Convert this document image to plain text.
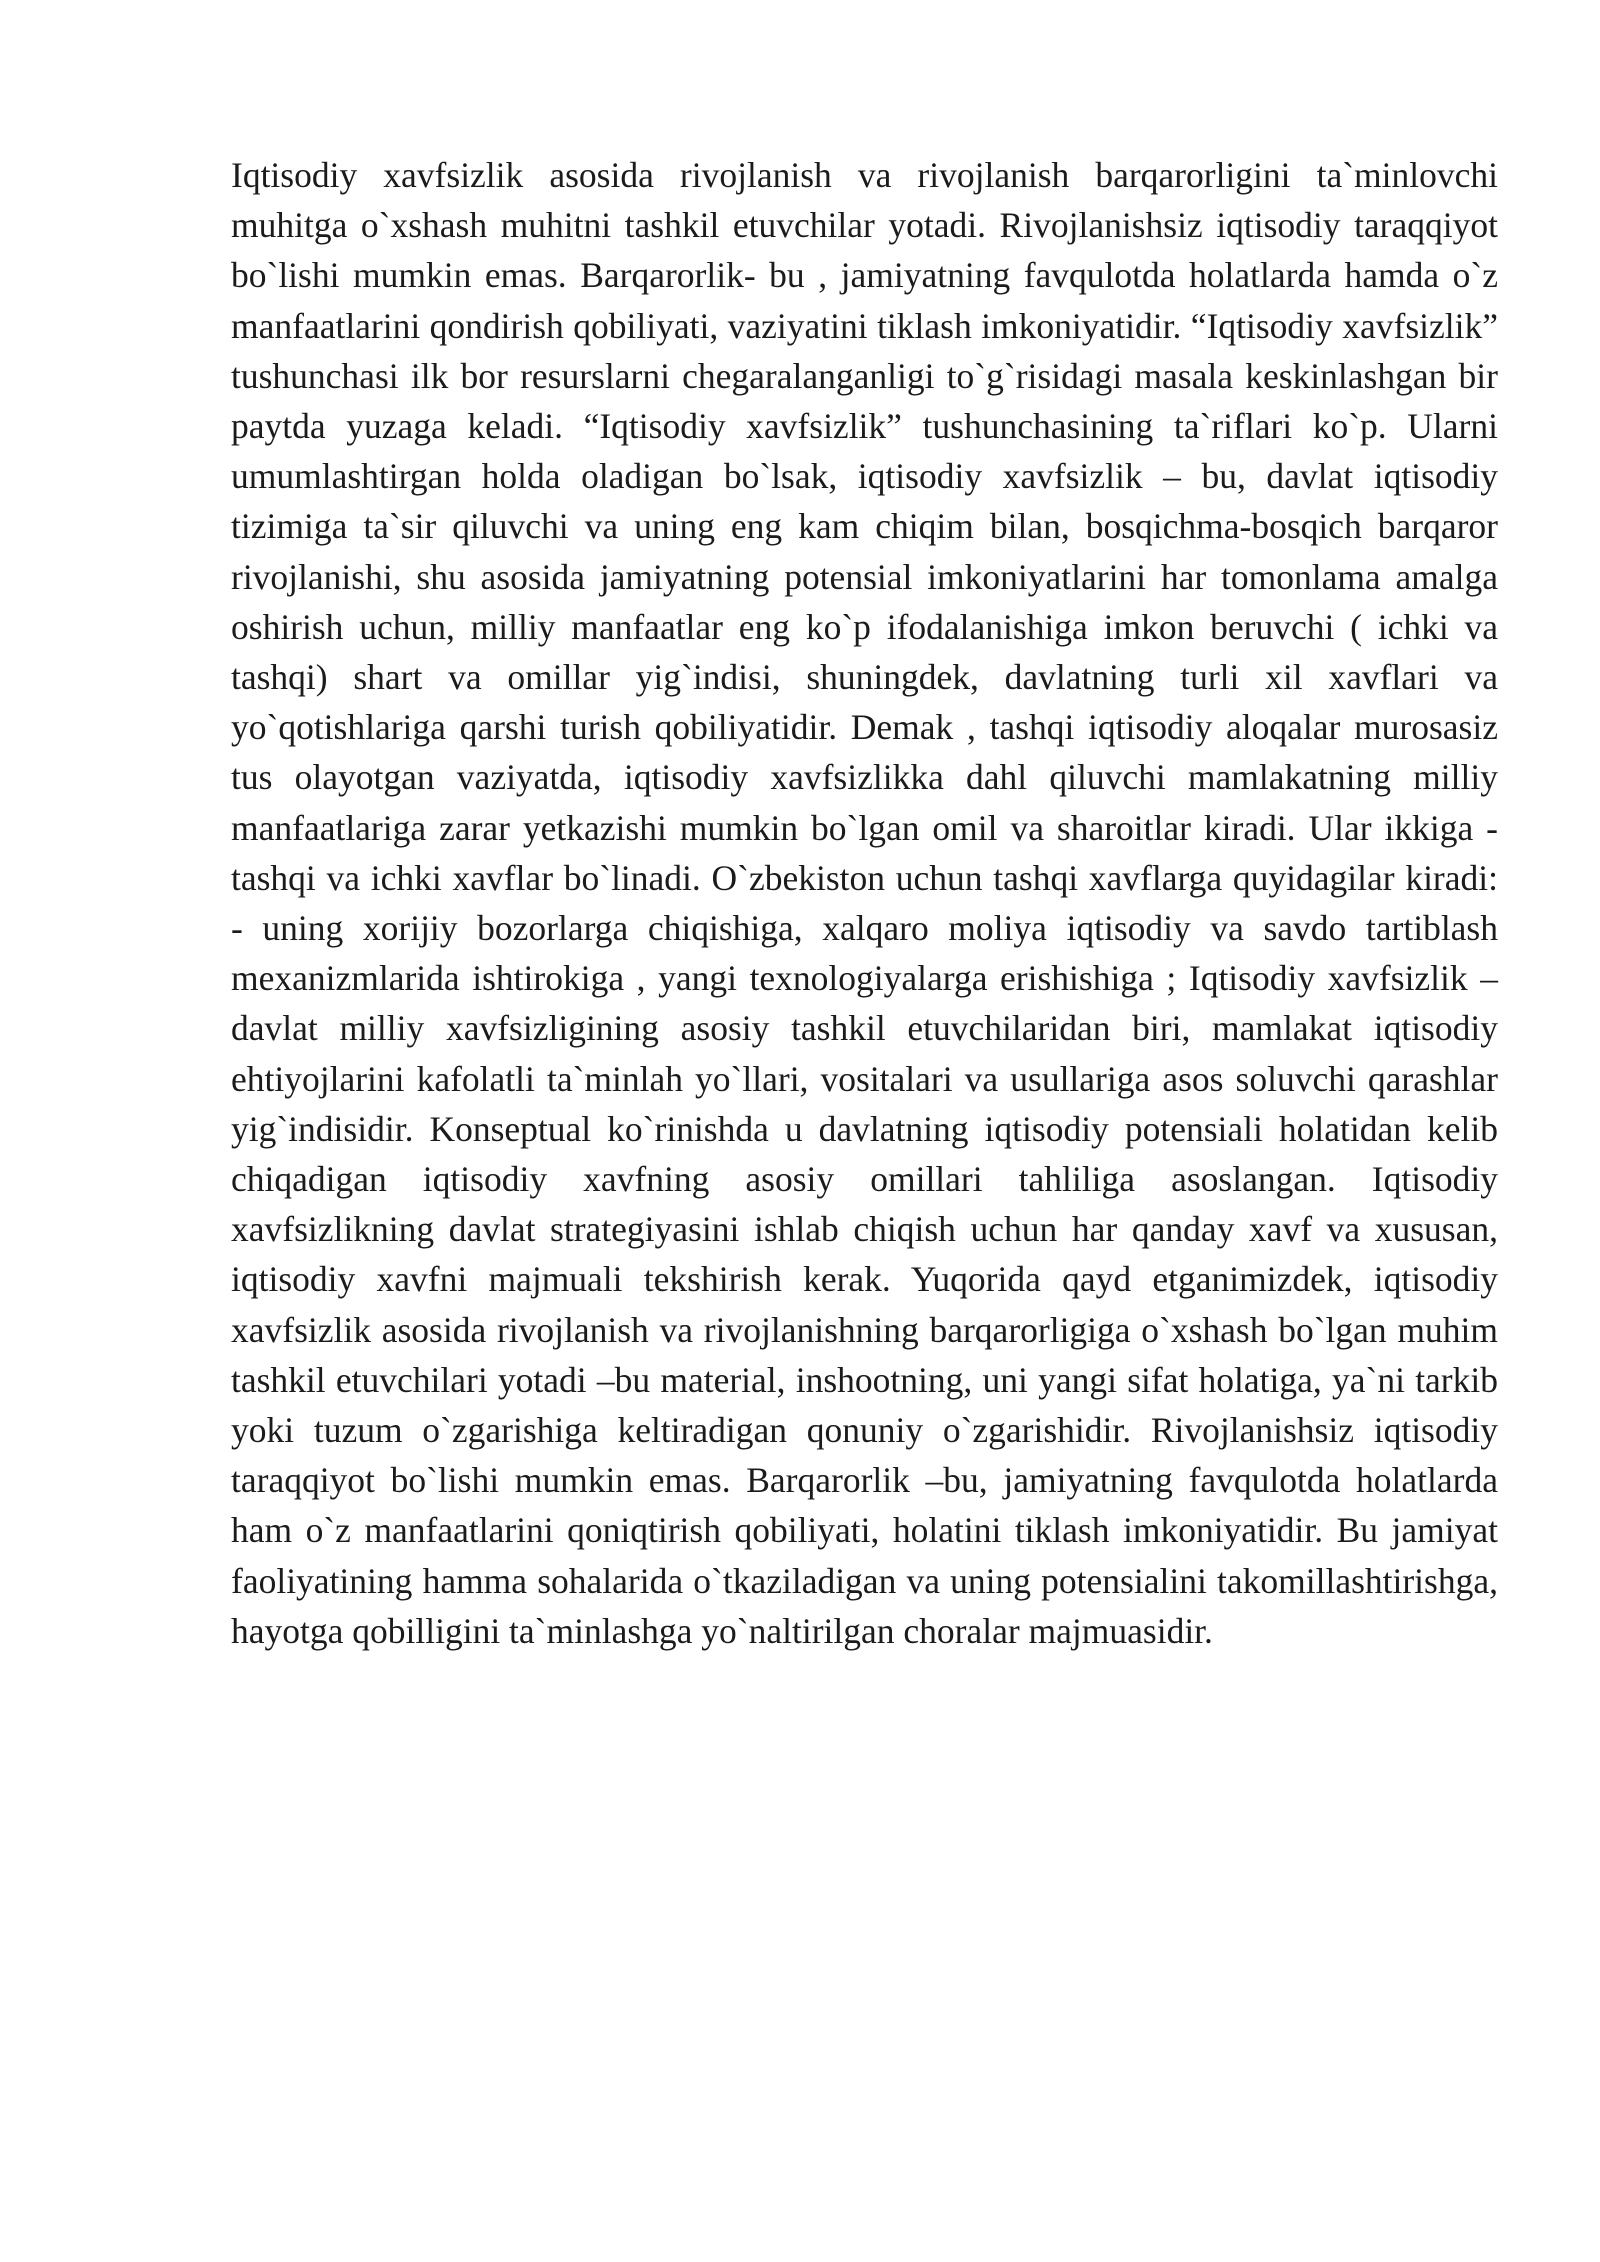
Iqtisodiy xavfsizlik asosida rivojlanish va rivojlanish barqarorligini ta`minlovchi muhitga o`xshash muhitni tashkil etuvchilar yotadi. Rivojlanishsiz iqtisodiy taraqqiyot bo`lishi mumkin emas. Barqarorlik- bu , jamiyatning favqulotda holatlarda hamda o`z manfaatlarini qondirish qobiliyati, vaziyatini tiklash imkoniyatidir. “Iqtisodiy xavfsizlik” tushunchasi ilk bor resurslarni chegaralanganligi to`g`risidagi masala keskinlashgan bir paytda yuzaga keladi. “Iqtisodiy xavfsizlik” tushunchasining ta`riflari ko`p. Ularni umumlashtirgan holda oladigan bo`lsak, iqtisodiy xavfsizlik – bu, davlat iqtisodiy tizimiga ta`sir qiluvchi va uning eng kam chiqim bilan, bosqichma-bosqich barqaror rivojlanishi, shu asosida jamiyatning potensial imkoniyatlarini har tomonlama amalga oshirish uchun, milliy manfaatlar eng ko`p ifodalanishiga imkon beruvchi ( ichki va tashqi) shart va omillar yig`indisi, shuningdek, davlatning turli xil xavflari va yo`qotishlariga qarshi turish qobiliyatidir. Demak , tashqi iqtisodiy aloqalar murosasiz tus olayotgan vaziyatda, iqtisodiy xavfsizlikka dahl qiluvchi mamlakatning milliy manfaatlariga zarar yetkazishi mumkin bo`lgan omil va sharoitlar kiradi. Ular ikkiga - tashqi va ichki xavflar bo`linadi. O`zbekiston uchun tashqi xavflarga quyidagilar kiradi: - uning xorijiy bozorlarga chiqishiga, xalqaro moliya iqtisodiy va savdo tartiblash mexanizmlarida ishtirokiga , yangi texnologiyalarga erishishiga ; Iqtisodiy xavfsizlik – davlat milliy xavfsizligining asosiy tashkil etuvchilaridan biri, mamlakat iqtisodiy ehtiyojlarini kafolatli ta`minlah yo`llari, vositalari va usullariga asos soluvchi qarashlar yig`indisidir. Konseptual ko`rinishda u davlatning iqtisodiy potensiali holatidan kelib chiqadigan iqtisodiy xavfning asosiy omillari tahliliga asoslangan. Iqtisodiy xavfsizlikning davlat strategiyasini ishlab chiqish uchun har qanday xavf va xususan, iqtisodiy xavfni majmuali tekshirish kerak. Yuqorida qayd etganimizdek, iqtisodiy xavfsizlik asosida rivojlanish va rivojlanishning barqarorligiga o`xshash bo`lgan muhim tashkil etuvchilari yotadi –bu material, inshootning, uni yangi sifat holatiga, ya`ni tarkib yoki tuzum o`zgarishiga keltiradigan qonuniy o`zgarishidir. Rivojlanishsiz iqtisodiy taraqqiyot bo`lishi mumkin emas. Barqarorlik –bu, jamiyatning favqulotda holatlarda ham o`z manfaatlarini qoniqtirish qobiliyati, holatini tiklash imkoniyatidir. Bu jamiyat faoliyatining hamma sohalarida o`tkaziladigan va uning potensialini takomillashtirishga, hayotga qobilligini ta`minlashga yo`naltirilgan choralar majmuasidir.
